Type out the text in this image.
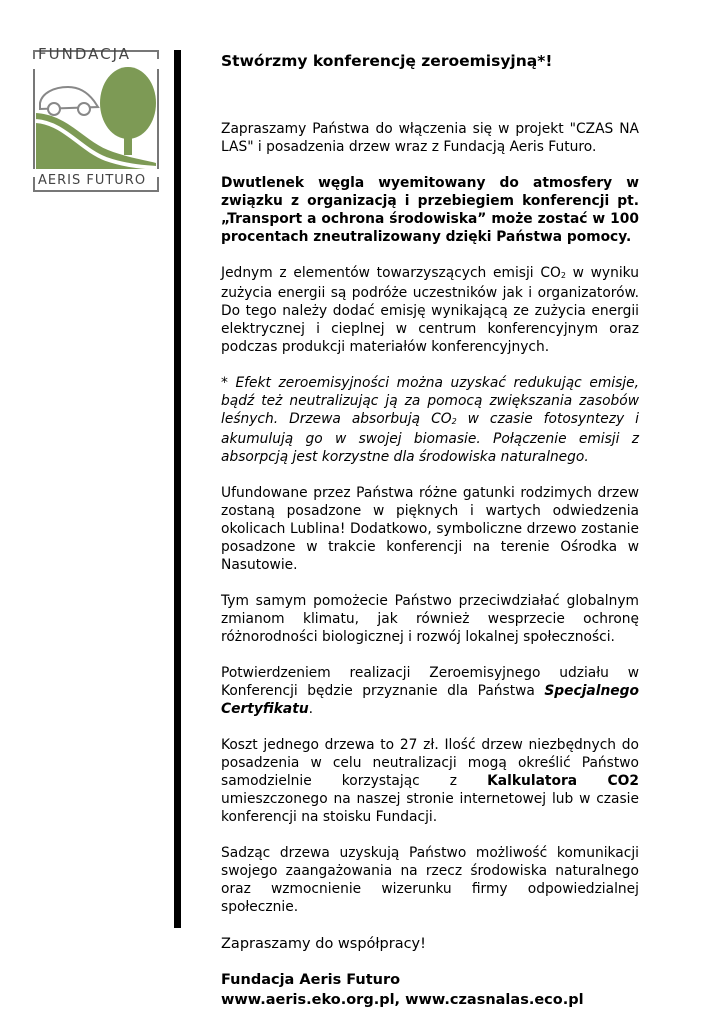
FUNDACJA
AERIS FUTURO
Stwórzmy konferencję zeroemisyjną*!

Zapraszamy Państwa do włączenia się w projekt "CZAS NA LAS" i posadzenia drzew wraz z Fundacją Aeris Futuro.

Dwutlenek węgla wyemitowany do atmosfery w związku z organizacją i przebiegiem konferencji pt. „Transport a ochrona środowiska” może zostać w 100 procentach zneutralizowany dzięki Państwa pomocy.

Jednym z elementów towarzyszących emisji $CO_2$ w wyniku zużycia energii są podróże uczestników jak i organizatorów. Do tego należy dodać emisję wynikającą ze zużycia energii elektrycznej i cieplnej w centrum konferencyjnym oraz podczas produkcji materiałów konferencyjnych.

* Efekt zeroemisyjności można uzyskać redukując emisje, bądź też neutralizując ją za pomocą zwiększania zasobów leśnych. Drzewa absorbują $CO_2$ w czasie fotosyntezy i akumulują go w swojej biomasie. Połączenie emisji z absorpcją jest korzystne dla środowiska naturalnego.

Ufundowane przez Państwa różne gatunki rodzimych drzew zostaną posadzone w pięknych i wartych odwiedzenia okolicach Lublina! Dodatkowo, symboliczne drzewo zostanie posadzone w trakcie konferencji na terenie Ośrodka w Nasutowie.

Tym samym pomożecie Państwo przeciwdziałać globalnym zmianom klimatu, jak również wesprzecie ochronę różnorodności biologicznej i rozwój lokalnej społeczności.

Potwierdzeniem realizacji Zeroemisyjnego udziału w Konferencji będzie przyznanie dla Państwa Specjalnego Certyfikatu.

Koszt jednego drzewa to 27 zł. Ilość drzew niezbędnych do posadzenia w celu neutralizacji mogą określić Państwo samodzielnie korzystając z Kalkulatora CO2 umieszczonego na naszej stronie internetowej lub w czasie konferencji na stoisku Fundacji.

Sadząc drzewa uzyskują Państwo możliwość komunikacji swojego zaangażowania na rzecz środowiska naturalnego oraz wzmocnienie wizerunku firmy odpowiedzialnej społecznie.

Zapraszamy do współpracy!

Fundacja Aeris Futuro

www.aeris.eko.org.pl, www.czasnalas.eco.pl
